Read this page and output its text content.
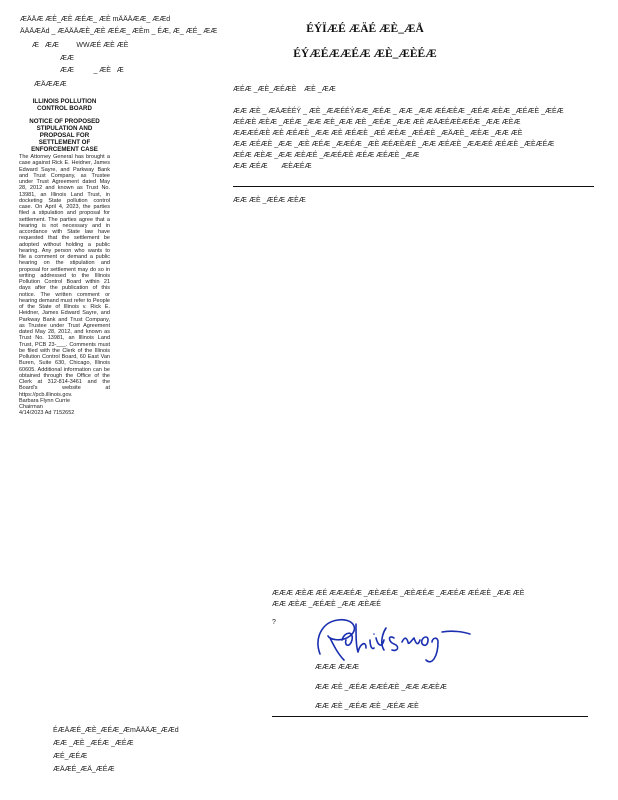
ÆÄÄÆ ÆÈ_ÆÈ ÆÉÆ_ ÆÈ mÄÄÄÆÆ_ ÆÆd
ÄÄÄÆÄd _ ÆÄÄÄÆÈ_ÆÈ ÆÉÆ_ ÆÈm _ ÉÆ, Æ_ ÆÉ_ ÆÆ
Æ   ÆÆ         WWÆÉ ÆÈ ÆÈ
ÆÆ
ÆÆ          _ ÆÈ   Æ
ÆÄÆÆÆ
ILLINOIS POLLUTION CONTROL BOARD
NOTICE OF PROPOSED STIPULATION AND PROPOSAL FOR SETTLEMENT OF ENFORCEMENT CASE
The Attorney General has brought a case against Rick E. Heidner, James Edward Sayre, and Parkway Bank and Trust Company, as Trustee under Trust Agreement dated May 28, 2012 and known as Trust No. 13981, an Illinois Land Trust, in docketing State pollution control case. On April 4, 2023, the parties filed a stipulation and proposal for settlement. The parties agree that a hearing is not necessary and in accordance with State law have requested that the settlement be adopted without holding a public hearing. Any person who wants to file a comment or demand a public hearing on the stipulation and proposal for settlement may do so in writing addressed to the Illinois Pollution Control Board within 21 days after the publication of this notice. The written comment or hearing demand must refer to People of the State of Illinois v. Rick E. Heidner, James Edward Sayre, and Parkway Bank and Trust Company, as Trustee under Trust Agreement dated May 28, 2012, and known as Trust No. 13981, an Illinois Land Trust, PCB 23-___. Comments must be filed with the Clerk of the Illinois Pollution Control Board, 60 East Van Buren, Suite 630, Chicago, Illinois 60605. Additional information can be obtained through the Office of the Clerk at 312-814-3461 and the Board's website at https://pcb.illinois.gov.
Barbara Flynn Currie
Chairman
4/14/2023 Ad 7152652
ÉÝÏÆÉ ÆÄÉ ÆÈ_ÆÅ
ÉÝÆÉÆÆÉÆ ÆÈ_ÆÈÉÆ
ÆÉÆ _ÆÈ_ÆÉÆÈ    ÆÈ _ÆÆ
ÆÆ ÆÈ _ ÆÄÆÈÉÝ _ ÆÈ _ÆÆÉÉÝÆÆ_ÆÉÆ _ ÆÆ _ÆÆ ÆÉÆÈÆ _ÆÉÆ ÆÈÆ _ÆÉÆÈ _ÆÉÆ
ÆÉÆÈ ÆÈÆ _ÆÉÆ _ÆÆ ÆÈ_ÆÆ ÆÈ _ÆÉÆ _ÆÆ ÆÈ ÆÄÆÉÆÈÆÉÆ _ÆÆ ÆÈÆ
ÆÆÆÉÆÈ ÆÈ ÆÉÆÈ _ÆÆ ÆÈ ÆÉÆÈ _ÆÉ ÆÈÆ _ÆÉÆÈ _ÆÄÆÈ_ ÆÈÆ _ÆÆ ÆÈ
ÆÆ ÆÉÆÈ _ÆÆ _ÆÈ ÆÉÆ _ÆÆÉÆ _ÆÈ ÆÉÆÈÆÈ _ÆÆ ÆÉÆÈ _ÆÆÆÉ ÆÉÆÈ _ÆÈÆÉÆ
ÆÉÆ ÆÈÆ _ÆÆ ÆÈÆÉ _ÆÆÉÆÈ ÆÉÆ ÆÉÆÈ _ÆÆ
ÆÆ ÆÉÆ       ÆÈÆÉÆ
ÆÆ ÆÈ _ÆÉÆ ÆÈÆ
ÆÆÆ ÆÈÆ ÆÉ ÆÆÆÉÆ _ÆÈÆÉÆ _ÆÈÆÉÆ _ÆÆÉÆ ÆÉÆÈ _ÆÆ ÆÈ
ÆÆ ÆÈÆ _ÆÉÆÈ _ÆÆ ÆÈÆÉ
?
ÆÆÆ ÆÆÆ
ÆÆ ÆÈ _ÆÉÆ ÆÆÉÆÈ _ÆÆ ÆÆÈÆ
ÆÆ ÆÈ _ÆÉÆ ÆÈ _ÆÉÆ ÆÈ
ÉÆÄÆÉ_ÆÈ_ÆÉÆ_ÆmÄÄÄÆ_ÆÆd
ÆÆ _ÆÈ _ÆÉÆ _ÆÉÆ
ÆÉ_ÆÉÆ
ÆÄÆÉ_ÆÄ_ÆÉÆ
